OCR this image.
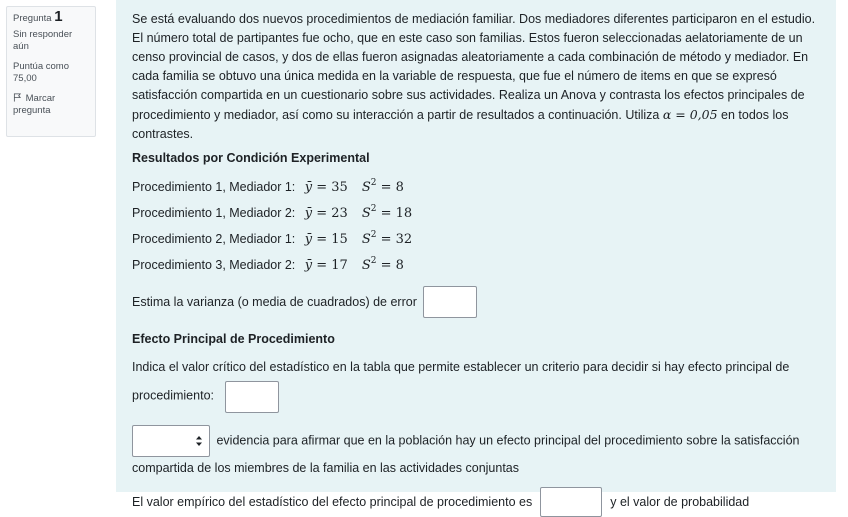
Pregunta 1
Sin responder aún
Puntúa como 75,00
Marcar pregunta

Se está evaluando dos nuevos procedimientos de mediación familiar. Dos mediadores diferentes participaron en el estudio. El número total de partipantes fue ocho, que en este caso son familias. Estos fueron seleccionadas aelatoriamente de un censo provincial de casos, y dos de ellas fueron asignadas aleatoriamente a cada combinación de método y mediador. En cada familia se obtuvo una única medida en la variable de respuesta, que fue el número de items en que se expresó satisfacción compartida en un cuestionario sobre sus actividades. Realiza un Anova y contrasta los efectos principales de procedimiento y mediador, así como su interacción a partir de resultados a continuación. Utiliza α = 0,05 en todos los contrastes.

Resultados por Condición Experimental
Procedimiento 1, Mediador 1: ȳ = 35 $S^2 = 8$
Procedimiento 1, Mediador 2: ȳ = 23 $S^2 = 18$
Procedimiento 2, Mediador 1: ȳ = 15 $S^2 = 32$
Procedimiento 3, Mediador 2: ȳ = 17 $S^2 = 8$
Estima la varianza (o media de cuadrados) de error
Efecto Principal de Procedimiento

Indica el valor crítico del estadístico en la tabla que permite establecer un criterio para decidir si hay efecto principal de procedimiento:

evidencia para afirmar que en la población hay un efecto principal del procedimiento sobre la satisfacción compartida de los miembres de la familia en las actividades conjuntas

El valor empírico del estadístico del efecto principal de procedimiento es	y el valor de probabilidad
